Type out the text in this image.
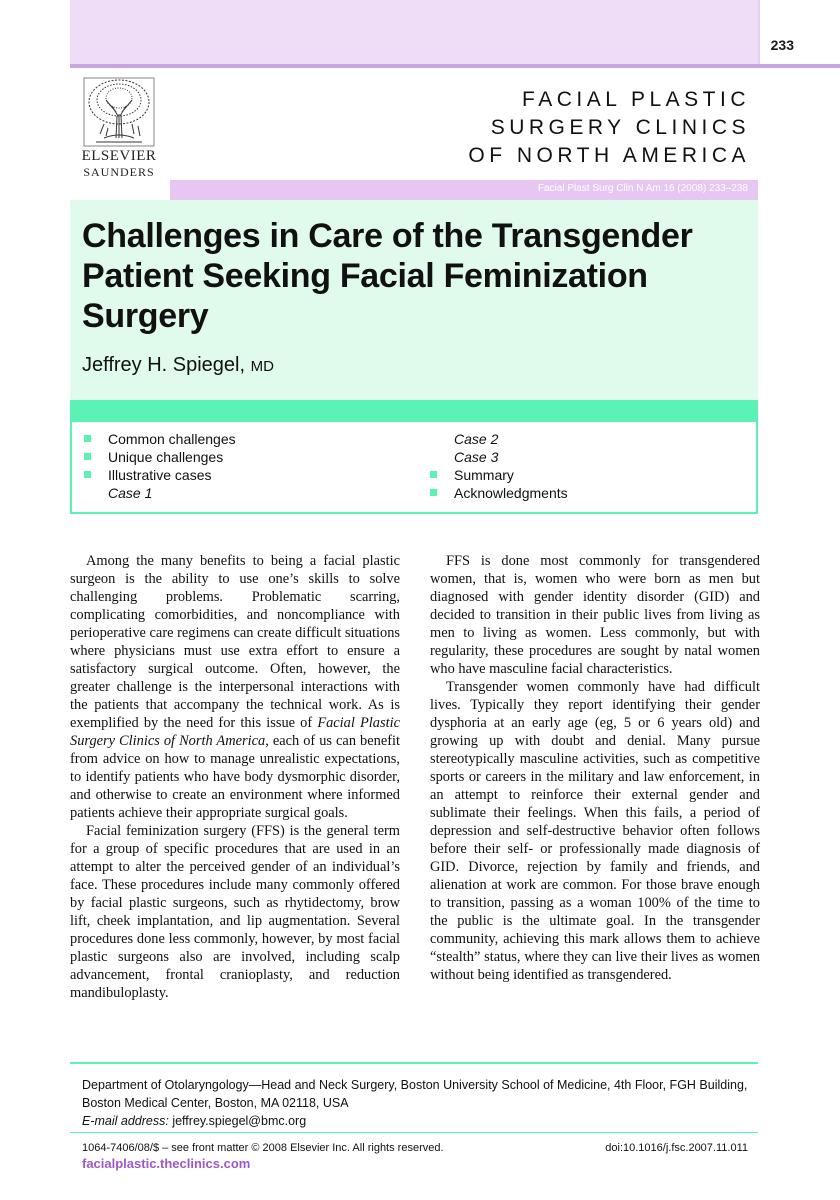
233
ELSEVIER
SAUNDERS
FACIAL PLASTIC
SURGERY CLINICS
OF NORTH AMERICA
Facial Plast Surg Clin N Am 16 (2008) 233–238
Challenges in Care of the Transgender Patient Seeking Facial Feminization Surgery
Jeffrey H. Spiegel, MD
Common challenges
Unique challenges
Illustrative cases
Case 1
Case 2
Case 3
Summary
Acknowledgments

Among the many benefits to being a facial plastic surgeon is the ability to use one’s skills to solve challenging problems. Problematic scarring, complicating comorbidities, and noncompliance with perioperative care regimens can create difficult situations where physicians must use extra effort to ensure a satisfactory surgical outcome. Often, however, the greater challenge is the interpersonal interactions with the patients that accompany the technical work. As is exemplified by the need for this issue of Facial Plastic Surgery Clinics of North America, each of us can benefit from advice on how to manage unrealistic expectations, to identify patients who have body dysmorphic disorder, and otherwise to create an environment where informed patients achieve their appropriate surgical goals.

Facial feminization surgery (FFS) is the general term for a group of specific procedures that are used in an attempt to alter the perceived gender of an individual’s face. These procedures include many commonly offered by facial plastic surgeons, such as rhytidectomy, brow lift, cheek implantation, and lip augmentation. Several procedures done less commonly, however, by most facial plastic surgeons also are involved, including scalp advancement, frontal cranioplasty, and reduction mandibuloplasty.

FFS is done most commonly for transgendered women, that is, women who were born as men but diagnosed with gender identity disorder (GID) and decided to transition in their public lives from living as men to living as women. Less commonly, but with regularity, these procedures are sought by natal women who have masculine facial characteristics.

Transgender women commonly have had difficult lives. Typically they report identifying their gender dysphoria at an early age (eg, 5 or 6 years old) and growing up with doubt and denial. Many pursue stereotypically masculine activities, such as competitive sports or careers in the military and law enforcement, in an attempt to reinforce their external gender and sublimate their feelings. When this fails, a period of depression and self-destructive behavior often follows before their self- or professionally made diagnosis of GID. Divorce, rejection by family and friends, and alienation at work are common. For those brave enough to transition, passing as a woman 100% of the time to the public is the ultimate goal. In the transgender community, achieving this mark allows them to achieve “stealth” status, where they can live their lives as women without being identified as transgendered.

Department of Otolaryngology—Head and Neck Surgery, Boston University School of Medicine, 4th Floor, FGH Building, Boston Medical Center, Boston, MA 02118, USA
E-mail address: jeffrey.spiegel@bmc.org
1064-7406/08/$ – see front matter © 2008 Elsevier Inc. All rights reserved.	doi:10.1016/j.fsc.2007.11.011
facialplastic.theclinics.com
